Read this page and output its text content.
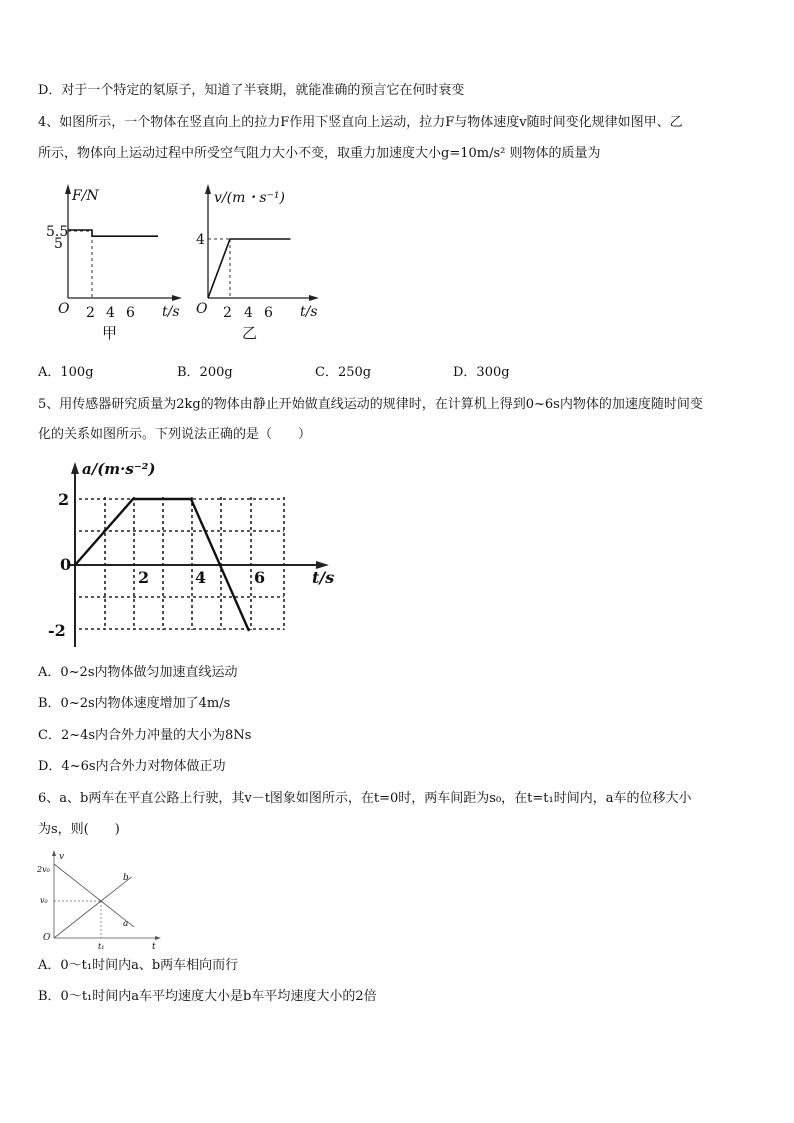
D．对于一个特定的氡原子，知道了半衰期，就能准确的预言它在何时衰变
4、如图所示，一个物体在竖直向上的拉力F作用下竖直向上运动，拉力F与物体速度v随时间变化规律如图甲、乙
所示，物体向上运动过程中所受空气阻力大小不变，取重力加速度大小g=10m/s² 则物体的质量为
F/N
5.5
5
O 2 4 6 t/s
甲
v/(m・s⁻¹)
4
O 2 4 6 t/s
乙
A．100g	B．200g	C．250g	D．300g
5、用传感器研究质量为2kg的物体由静止开始做直线运动的规律时，在计算机上得到0~6s内物体的加速度随时间变
化的关系如图所示。下列说法正确的是（　　）
a/(m·s⁻²)
2
0
-2
2	4	6	t/s
A．0~2s内物体做匀加速直线运动
B．0~2s内物体速度增加了4m/s
C．2~4s内合外力冲量的大小为8Ns
D．4~6s内合外力对物体做正功
6、a、b两车在平直公路上行驶，其v－t图象如图所示，在t=0时，两车间距为s₀，在t=t₁时间内，a车的位移大小
为s，则(　　)
v
2v₀
v₀
O
t₁	t
b
a
A．0～t₁时间内a、b两车相向而行
B．0～t₁时间内a车平均速度大小是b车平均速度大小的2倍
